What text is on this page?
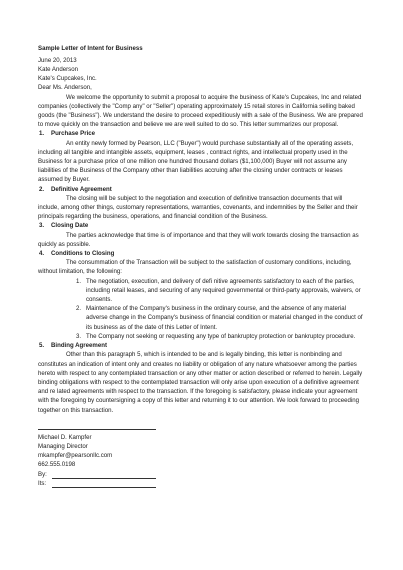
Sample Letter of Intent for Business

June 20, 2013

Kate Anderson

Kate's Cupcakes, Inc.

Dear Ms. Anderson,

We welcome the opportunity to submit a proposal to acquire the business of Kate's Cupcakes, Inc and related companies (collectively the "Comp any" or "Seller") operating approximately 15 retail stores in California selling baked goods (the "Business"). We understand the desire to proceed expeditiously with a sale of the Business. We are prepared to move quickly on the transaction and believe we are well suited to do so. This letter summarizes our proposal.

1. Purchase Price

An entity newly formed by Pearson, LLC ("Buyer") would purchase substantially all of the operating assets, including all tangible and intangible assets, equipment, leases , contract rights, and intellectual property used in the Business for a purchase price of one million one hundred thousand dollars ($1,100,000) Buyer will not assume any liabilities of the Business of the Company other than liabilities accruing after the closing under contracts or leases assumed by Buyer.

2. Definitive Agreement

The closing will be subject to the negotiation and execution of definitive transaction documents that will include, among other things, customary representations, warranties, covenants, and indemnities by the Seller and their principals regarding the business, operations, and financial condition of the Business.

3. Closing Date

The parties acknowledge that time is of importance and that they will work towards closing the transaction as quickly as possible.

4. Conditions to Closing

The consummation of the Transaction will be subject to the satisfaction of customary conditions, including, without limitation, the following:

1. The negotiation, execution, and delivery of defi nitive agreements satisfactory to each of the parties, including retail leases, and securing of any required governmental or third-party approvals, waivers, or consents.
2. Maintenance of the Company's business in the ordinary course, and the absence of any material adverse change in the Company's business of financial condition or material changed in the conduct of its business as of the date of this Letter of Intent.
3. The Company not seeking or requesting any type of bankruptcy protection or bankruptcy procedure.
5. Binding Agreement

Other than this paragraph 5, which is intended to be and is legally binding, this letter is nonbinding and constitutes an indication of intent only and creates no liability or obligation of any nature whatsoever among the parties hereto with respect to any contemplated transaction or any other matter or action described or referred to herein. Legally binding obligations with respect to the contemplated transaction will only arise upon execution of a definitive agreement and re lated agreements with respect to the transaction. If the foregoing is satisfactory, please indicate your agreement with the foregoing by countersigning a copy of this letter and returning it to our attention. We look forward to proceeding together on this transaction.

Michael D. Kampfer

Managing Director

mkampfer@pearsonllc.com

662.555.0198

By:
Its:
